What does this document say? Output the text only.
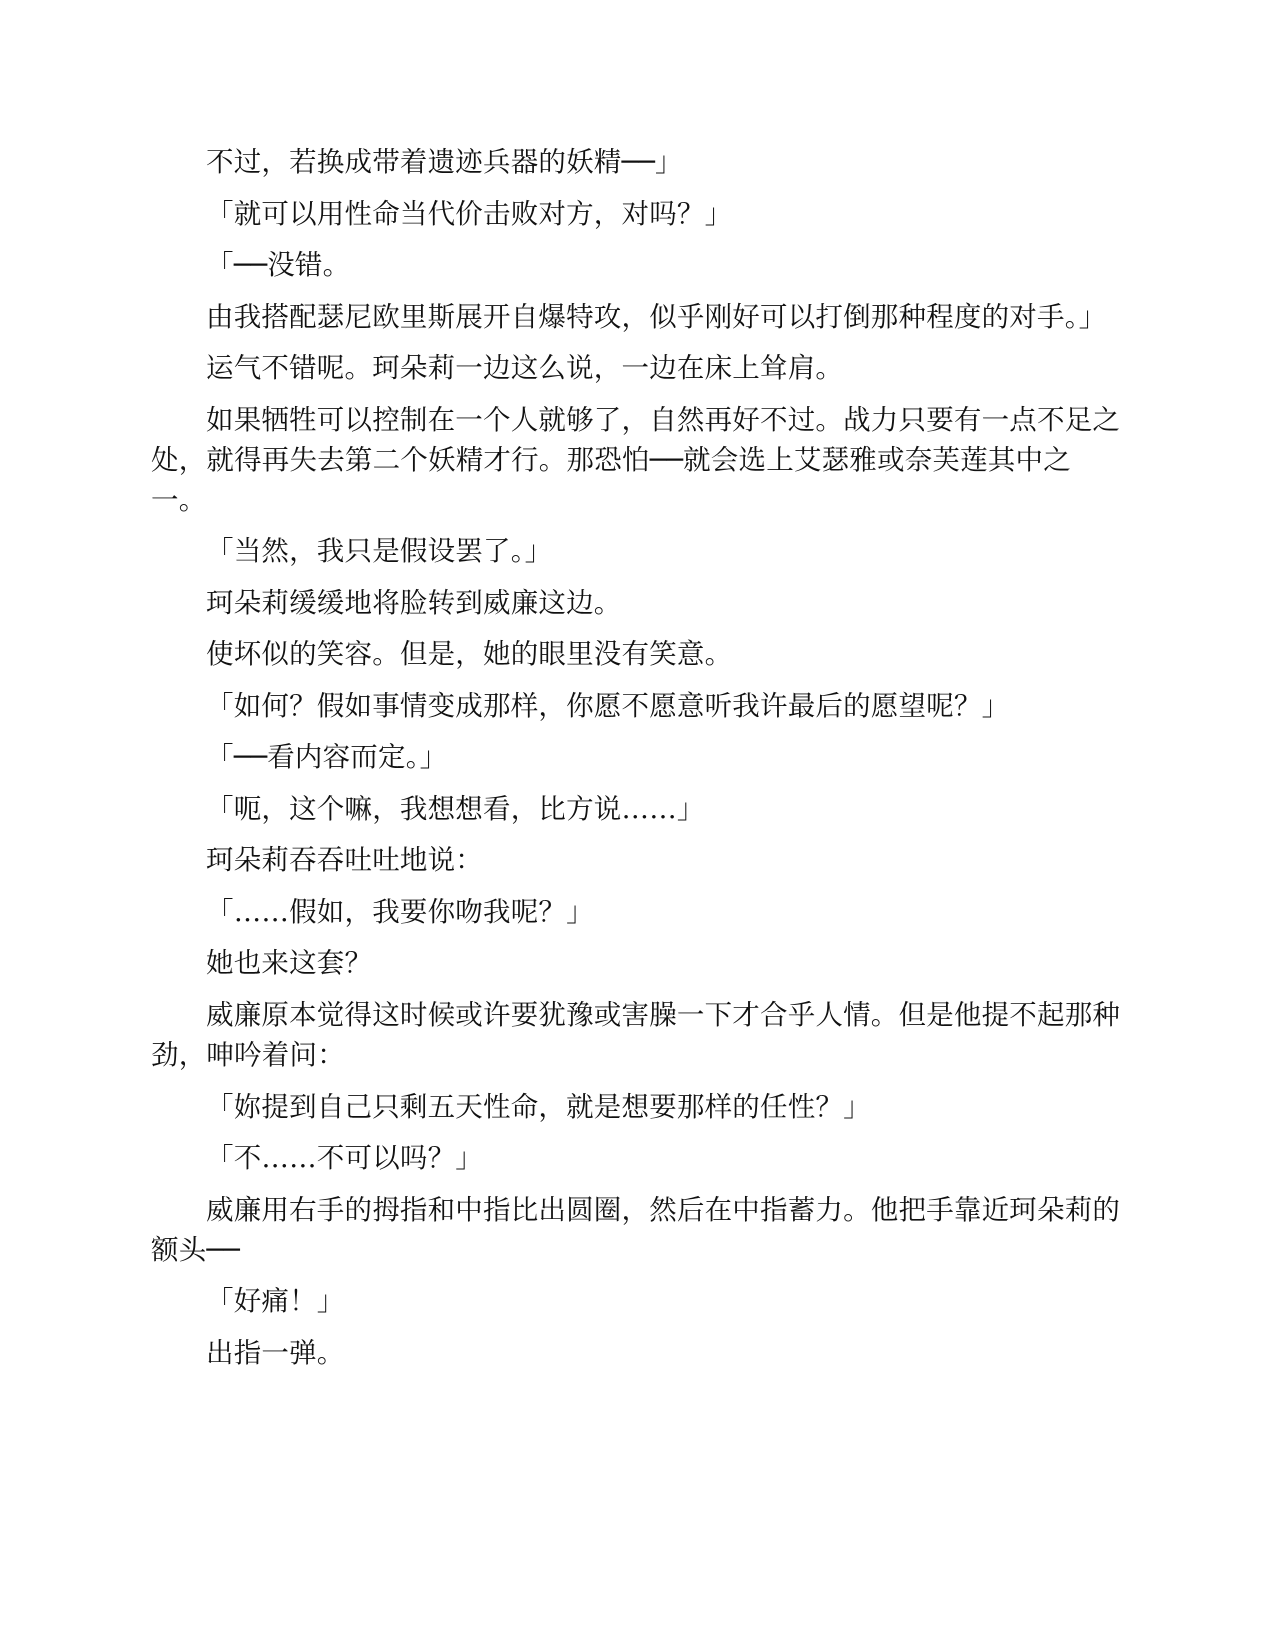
不过，若换成带着遗迹兵器的妖精──」

「就可以用性命当代价击败对方，对吗？」

「──没错。

由我搭配瑟尼欧里斯展开自爆特攻，似乎刚好可以打倒那种程度的对手。」

运气不错呢。珂朵莉一边这么说，一边在床上耸肩。

如果牺牲可以控制在一个人就够了，自然再好不过。战力只要有一点不足之处，就得再失去第二个妖精才行。那恐怕──就会选上艾瑟雅或奈芙莲其中之一。

「当然，我只是假设罢了。」

珂朵莉缓缓地将脸转到威廉这边。

使坏似的笑容。但是，她的眼里没有笑意。

「如何？假如事情变成那样，你愿不愿意听我许最后的愿望呢？」

「──看内容而定。」

「呃，这个嘛，我想想看，比方说……」

珂朵莉吞吞吐吐地说：

「……假如，我要你吻我呢？」

她也来这套？

威廉原本觉得这时候或许要犹豫或害臊一下才合乎人情。但是他提不起那种劲，呻吟着问：

「妳提到自己只剩五天性命，就是想要那样的任性？」

「不……不可以吗？」

威廉用右手的拇指和中指比出圆圈，然后在中指蓄力。他把手靠近珂朵莉的额头──

「好痛！」

出指一弹。
